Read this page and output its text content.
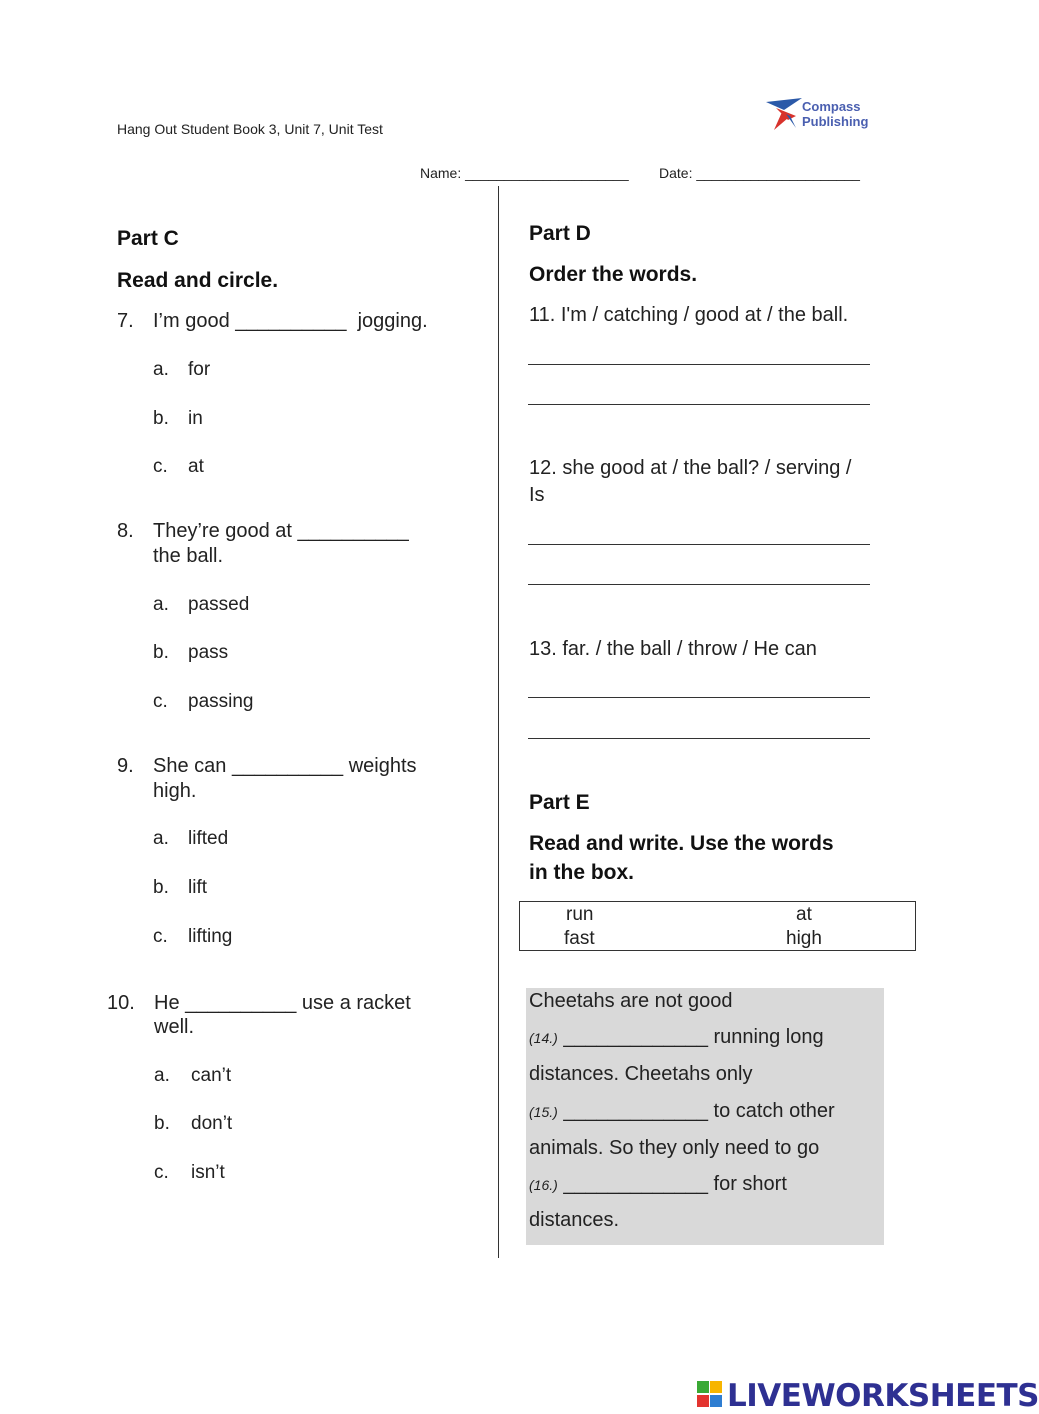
Hang Out Student Book 3, Unit 7, Unit Test
Compass
Publishing
Name: _____________________ Date: _____________________
Part C
Read and circle.
7. I’m good __________  jogging.
a. for
b. in
c. at
8. They’re good at __________
the ball.
a. passed
b. pass
c. passing
9. She can __________ weights
high.
a. lifted
b. lift
c. lifting
10. He __________ use a racket
well.
a. can’t
b. don’t
c. isn’t
Part D
Order the words.
11. I'm / catching / good at / the ball.
12. she good at / the ball? / serving /
Is
13. far. / the ball / throw / He can
Part E
Read and write. Use the words
in the box.
run	at
fast	high
Cheetahs are not good
(14.) _____________ running long
distances. Cheetahs only
(15.) _____________ to catch other
animals. So they only need to go
(16.) _____________ for short
distances.
LIVEWORKSHEETS
